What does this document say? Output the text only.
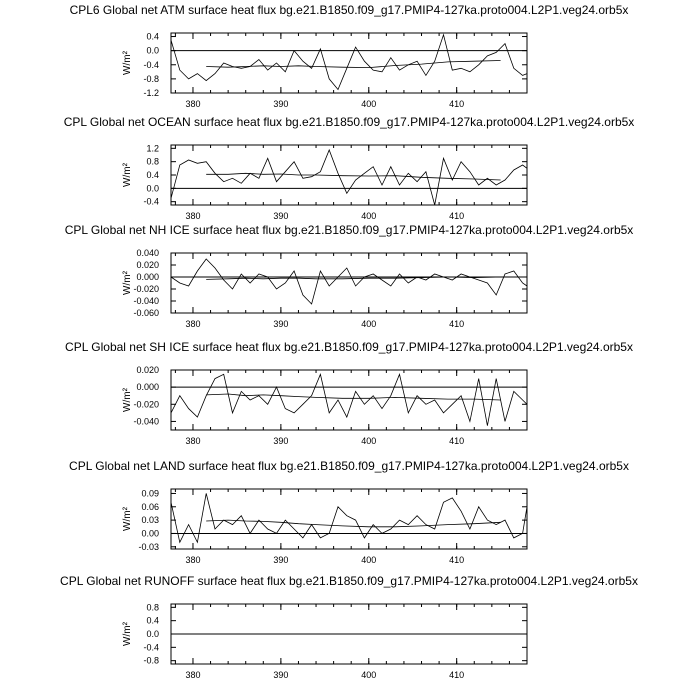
CPL6 Global net ATM surface heat flux bg.e21.B1850.f09_g17.PMIP4-127ka.proto004.L2P1.veg24.orb5x
W/m²
380	390	400	410
0.4
0.0
-0.4
-0.8
-1.2
CPL Global net OCEAN surface heat flux bg.e21.B1850.f09_g17.PMIP4-127ka.proto004.L2P1.veg24.orb5x
W/m²
380	390	400	410
1.2
0.8
0.4
0.0
-0.4
CPL Global net NH ICE surface heat flux bg.e21.B1850.f09_g17.PMIP4-127ka.proto004.L2P1.veg24.orb5x
W/m²
380	390	400	410
0.040
0.020
0.000
-0.020
-0.040
-0.060
CPL Global net SH ICE surface heat flux bg.e21.B1850.f09_g17.PMIP4-127ka.proto004.L2P1.veg24.orb5x
W/m²
380	390	400	410
0.020
0.000
-0.020
-0.040
CPL Global net LAND surface heat flux bg.e21.B1850.f09_g17.PMIP4-127ka.proto004.L2P1.veg24.orb5x
W/m²
380	390	400	410
0.09
0.06
0.03
0.00
-0.03
CPL Global net RUNOFF surface heat flux bg.e21.B1850.f09_g17.PMIP4-127ka.proto004.L2P1.veg24.orb5x
W/m²
380	390	400	410
0.8
0.4
0.0
-0.4
-0.8
